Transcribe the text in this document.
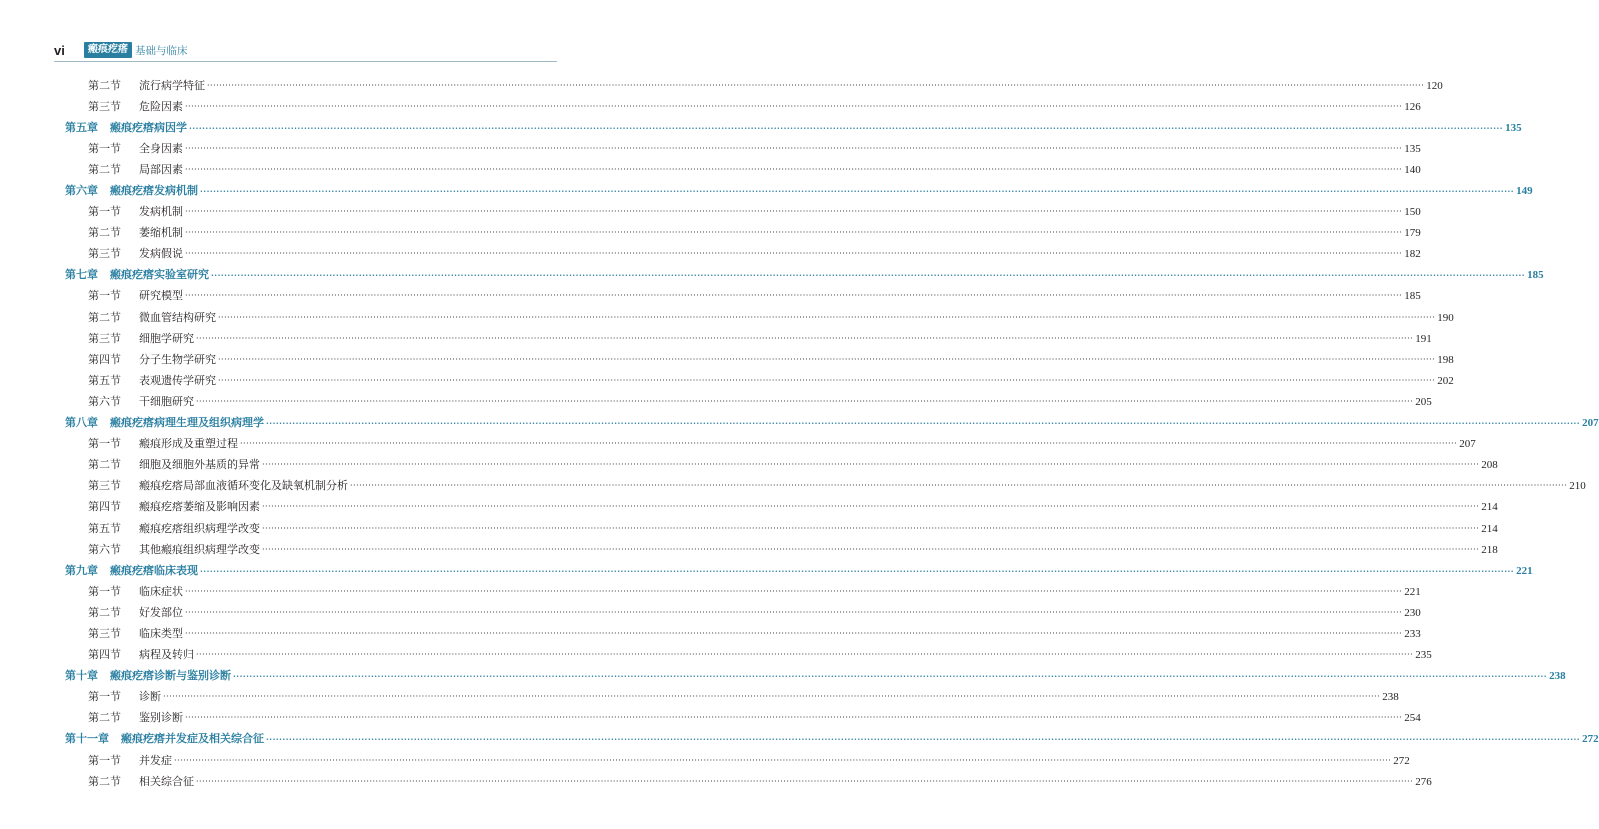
vi	瘢痕疙瘩 基础与临床
第二节 流行病学特征 ················································································································································································································································································································································································································ 120
第三节 危险因素 ················································································································································································································································································································································································································ 126
第五章 瘢痕疙瘩病因学 ················································································································································································································································································································································································································ 135
第一节 全身因素 ················································································································································································································································································································································································································ 135
第二节 局部因素 ················································································································································································································································································································································································································ 140
第六章 瘢痕疙瘩发病机制 ················································································································································································································································································································································································································ 149
第一节 发病机制 ················································································································································································································································································································································································································ 150
第二节 萎缩机制 ················································································································································································································································································································································································································ 179
第三节 发病假说 ················································································································································································································································································································································································································ 182
第七章 瘢痕疙瘩实验室研究 ················································································································································································································································································································································································································ 185
第一节 研究模型 ················································································································································································································································································································································································································ 185
第二节 微血管结构研究 ················································································································································································································································································································································································································ 190
第三节 细胞学研究 ················································································································································································································································································································································································································ 191
第四节 分子生物学研究 ················································································································································································································································································································································································································ 198
第五节 表观遗传学研究 ················································································································································································································································································································································································································ 202
第六节 干细胞研究 ················································································································································································································································································································································································································ 205
第八章 瘢痕疙瘩病理生理及组织病理学 ················································································································································································································································································································································································································ 207
第一节 瘢痕形成及重塑过程 ················································································································································································································································································································································································································ 207
第二节 细胞及细胞外基质的异常 ················································································································································································································································································································································································································ 208
第三节 瘢痕疙瘩局部血液循环变化及缺氧机制分析 ················································································································································································································································································································································································································ 210
第四节 瘢痕疙瘩萎缩及影响因素 ················································································································································································································································································································································································································ 214
第五节 瘢痕疙瘩组织病理学改变 ················································································································································································································································································································································································································ 214
第六节 其他瘢痕组织病理学改变 ················································································································································································································································································································································································································ 218
第九章 瘢痕疙瘩临床表现 ················································································································································································································································································································································································································ 221
第一节 临床症状 ················································································································································································································································································································································································································ 221
第二节 好发部位 ················································································································································································································································································································································································································ 230
第三节 临床类型 ················································································································································································································································································································································································································ 233
第四节 病程及转归 ················································································································································································································································································································································································································ 235
第十章 瘢痕疙瘩诊断与鉴别诊断 ················································································································································································································································································································································································································ 238
第一节 诊断 ················································································································································································································································································································································································································ 238
第二节 鉴别诊断 ················································································································································································································································································································································································································ 254
第十一章 瘢痕疙瘩并发症及相关综合征 ················································································································································································································································································································································································································ 272
第一节 并发症 ················································································································································································································································································································································································································ 272
第二节 相关综合征 ················································································································································································································································································································································································································ 276
